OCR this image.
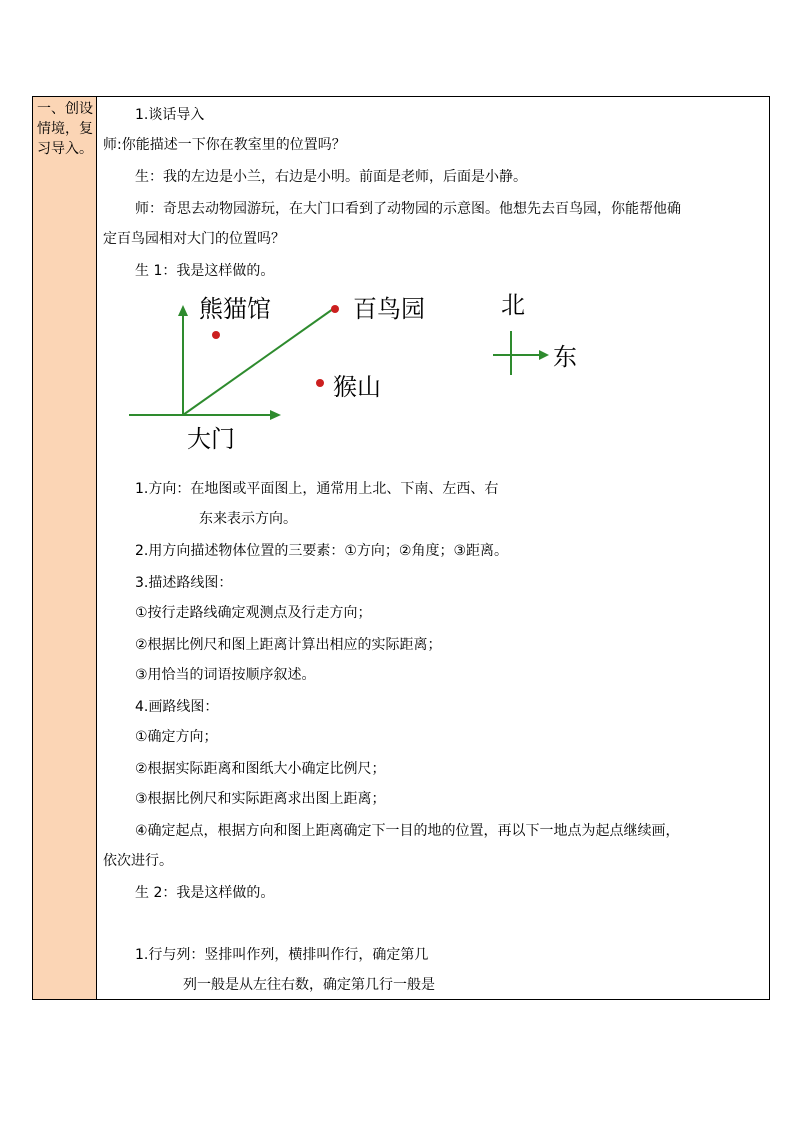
一、创设情境，复习导入。
1.谈话导入
师:你能描述一下你在教室里的位置吗？
生：我的左边是小兰，右边是小明。前面是老师，后面是小静。
师：奇思去动物园游玩，在大门口看到了动物园的示意图。他想先去百鸟园，你能帮他确
定百鸟园相对大门的位置吗？
生 1：我是这样做的。
熊猫馆	百鸟园
猴山
大门
北
东
1.方向：在地图或平面图上，通常用上北、下南、左西、右
东来表示方向。
2.用方向描述物体位置的三要素：①方向；②角度；③距离。
3.描述路线图：
①按行走路线确定观测点及行走方向；
②根据比例尺和图上距离计算出相应的实际距离；
③用恰当的词语按顺序叙述。
4.画路线图：
①确定方向；
②根据实际距离和图纸大小确定比例尺；
③根据比例尺和实际距离求出图上距离；
④确定起点，根据方向和图上距离确定下一目的地的位置，再以下一地点为起点继续画，
依次进行。
生 2：我是这样做的。
1.行与列：竖排叫作列，横排叫作行，确定第几
列一般是从左往右数，确定第几行一般是
